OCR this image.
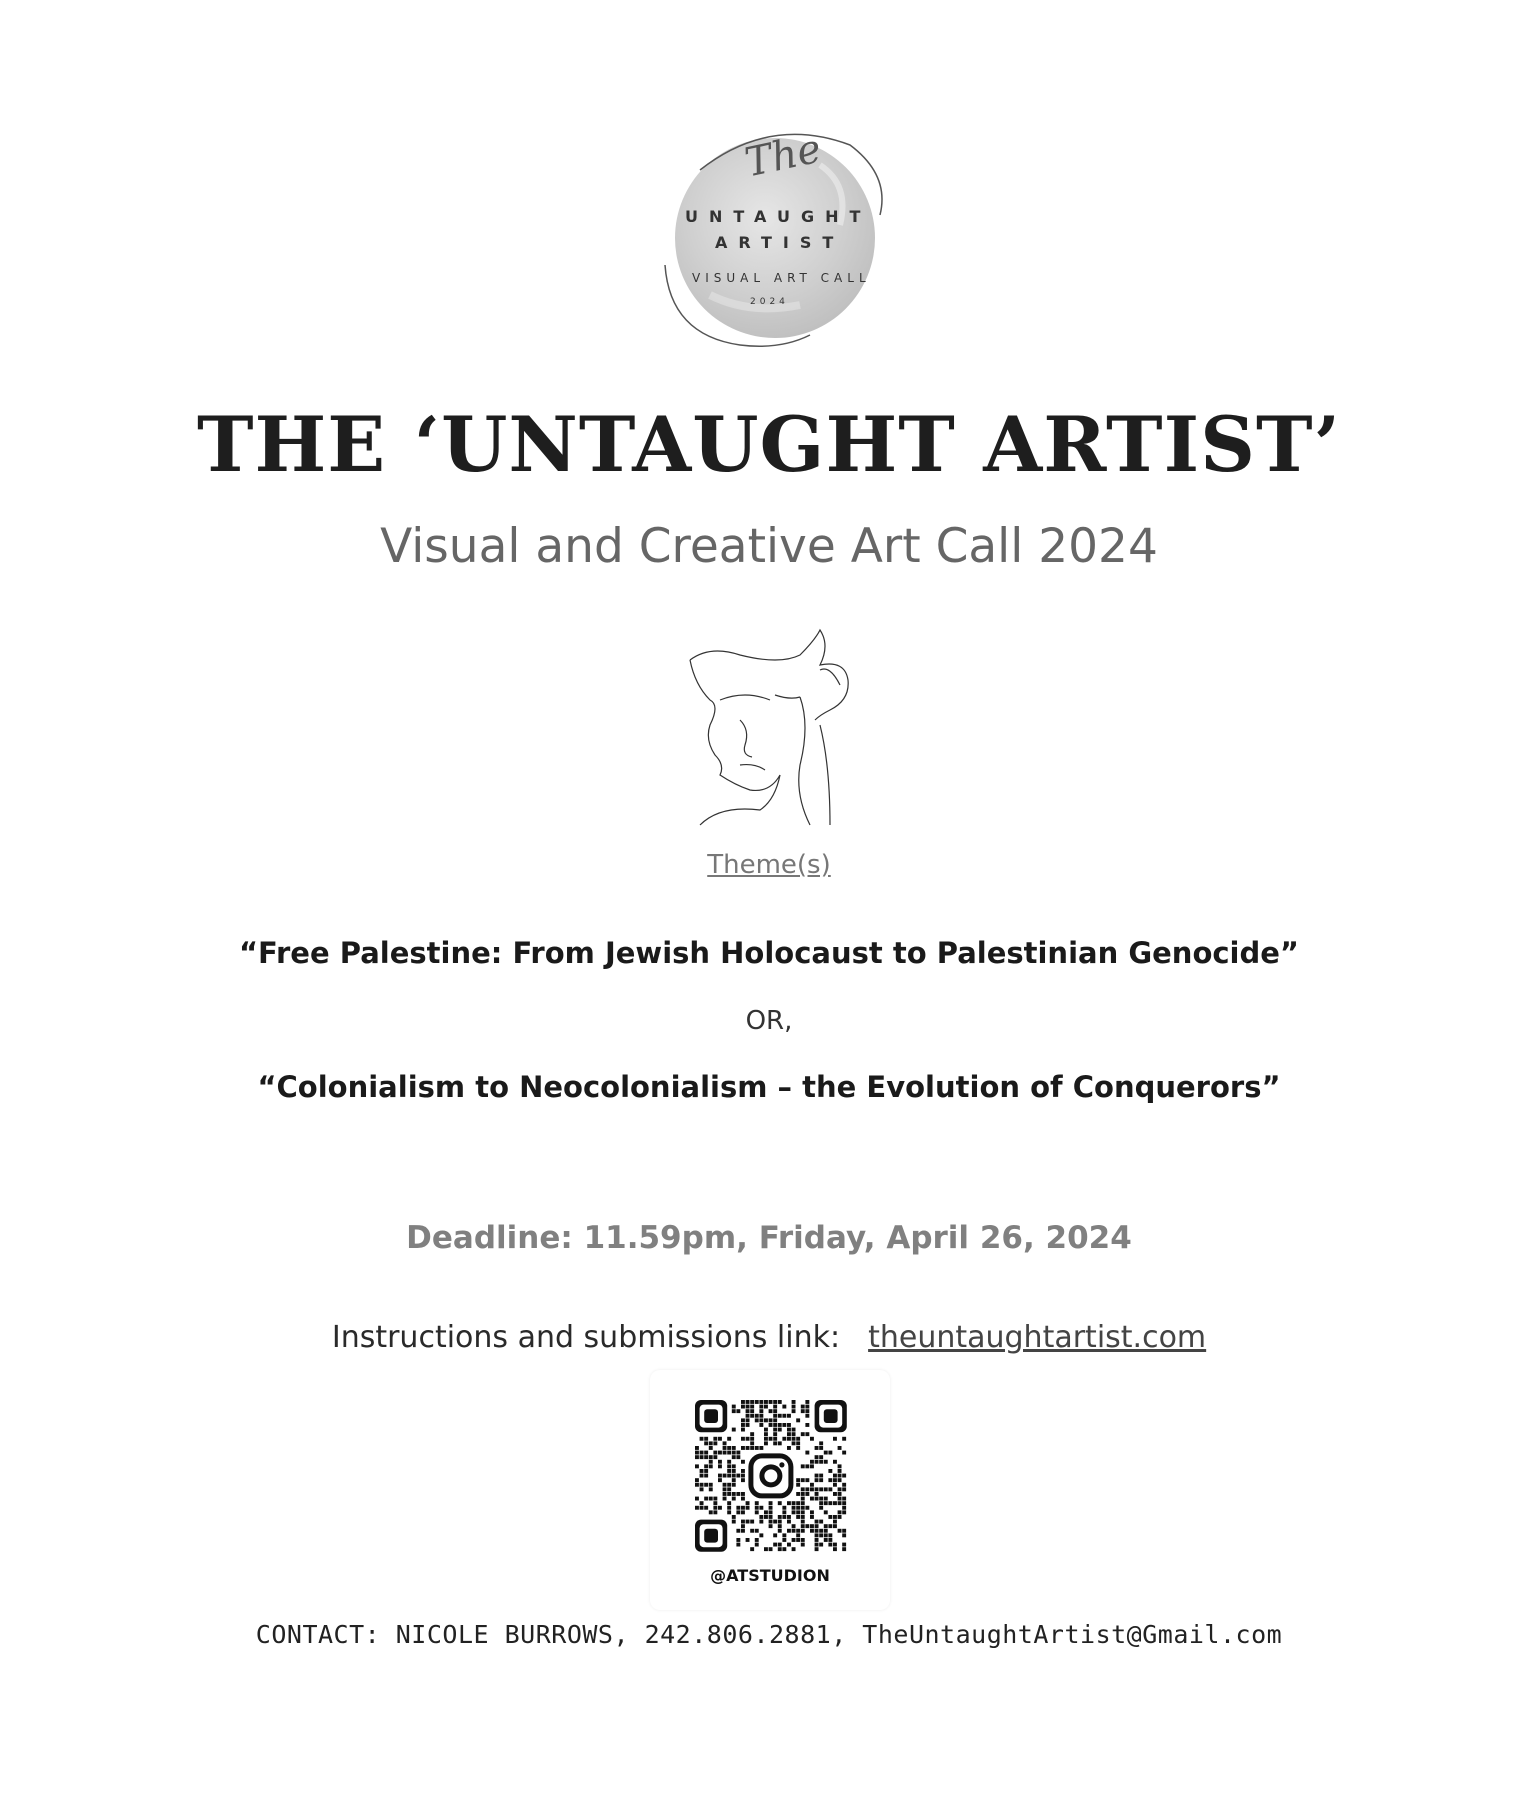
The
UNTAUGHT
ARTIST
VISUAL ART CALL
2024
THE ‘UNTAUGHT ARTIST’
Visual and Creative Art Call 2024
Theme(s)
“Free Palestine: From Jewish Holocaust to Palestinian Genocide”
OR,
“Colonialism to Neocolonialism – the Evolution of Conquerors”
Deadline: 11.59pm, Friday, April 26, 2024
Instructions and submissions link: theuntaughtartist.com
@ATSTUDION
CONTACT: NICOLE BURROWS, 242.806.2881, TheUntaughtArtist@Gmail.com
